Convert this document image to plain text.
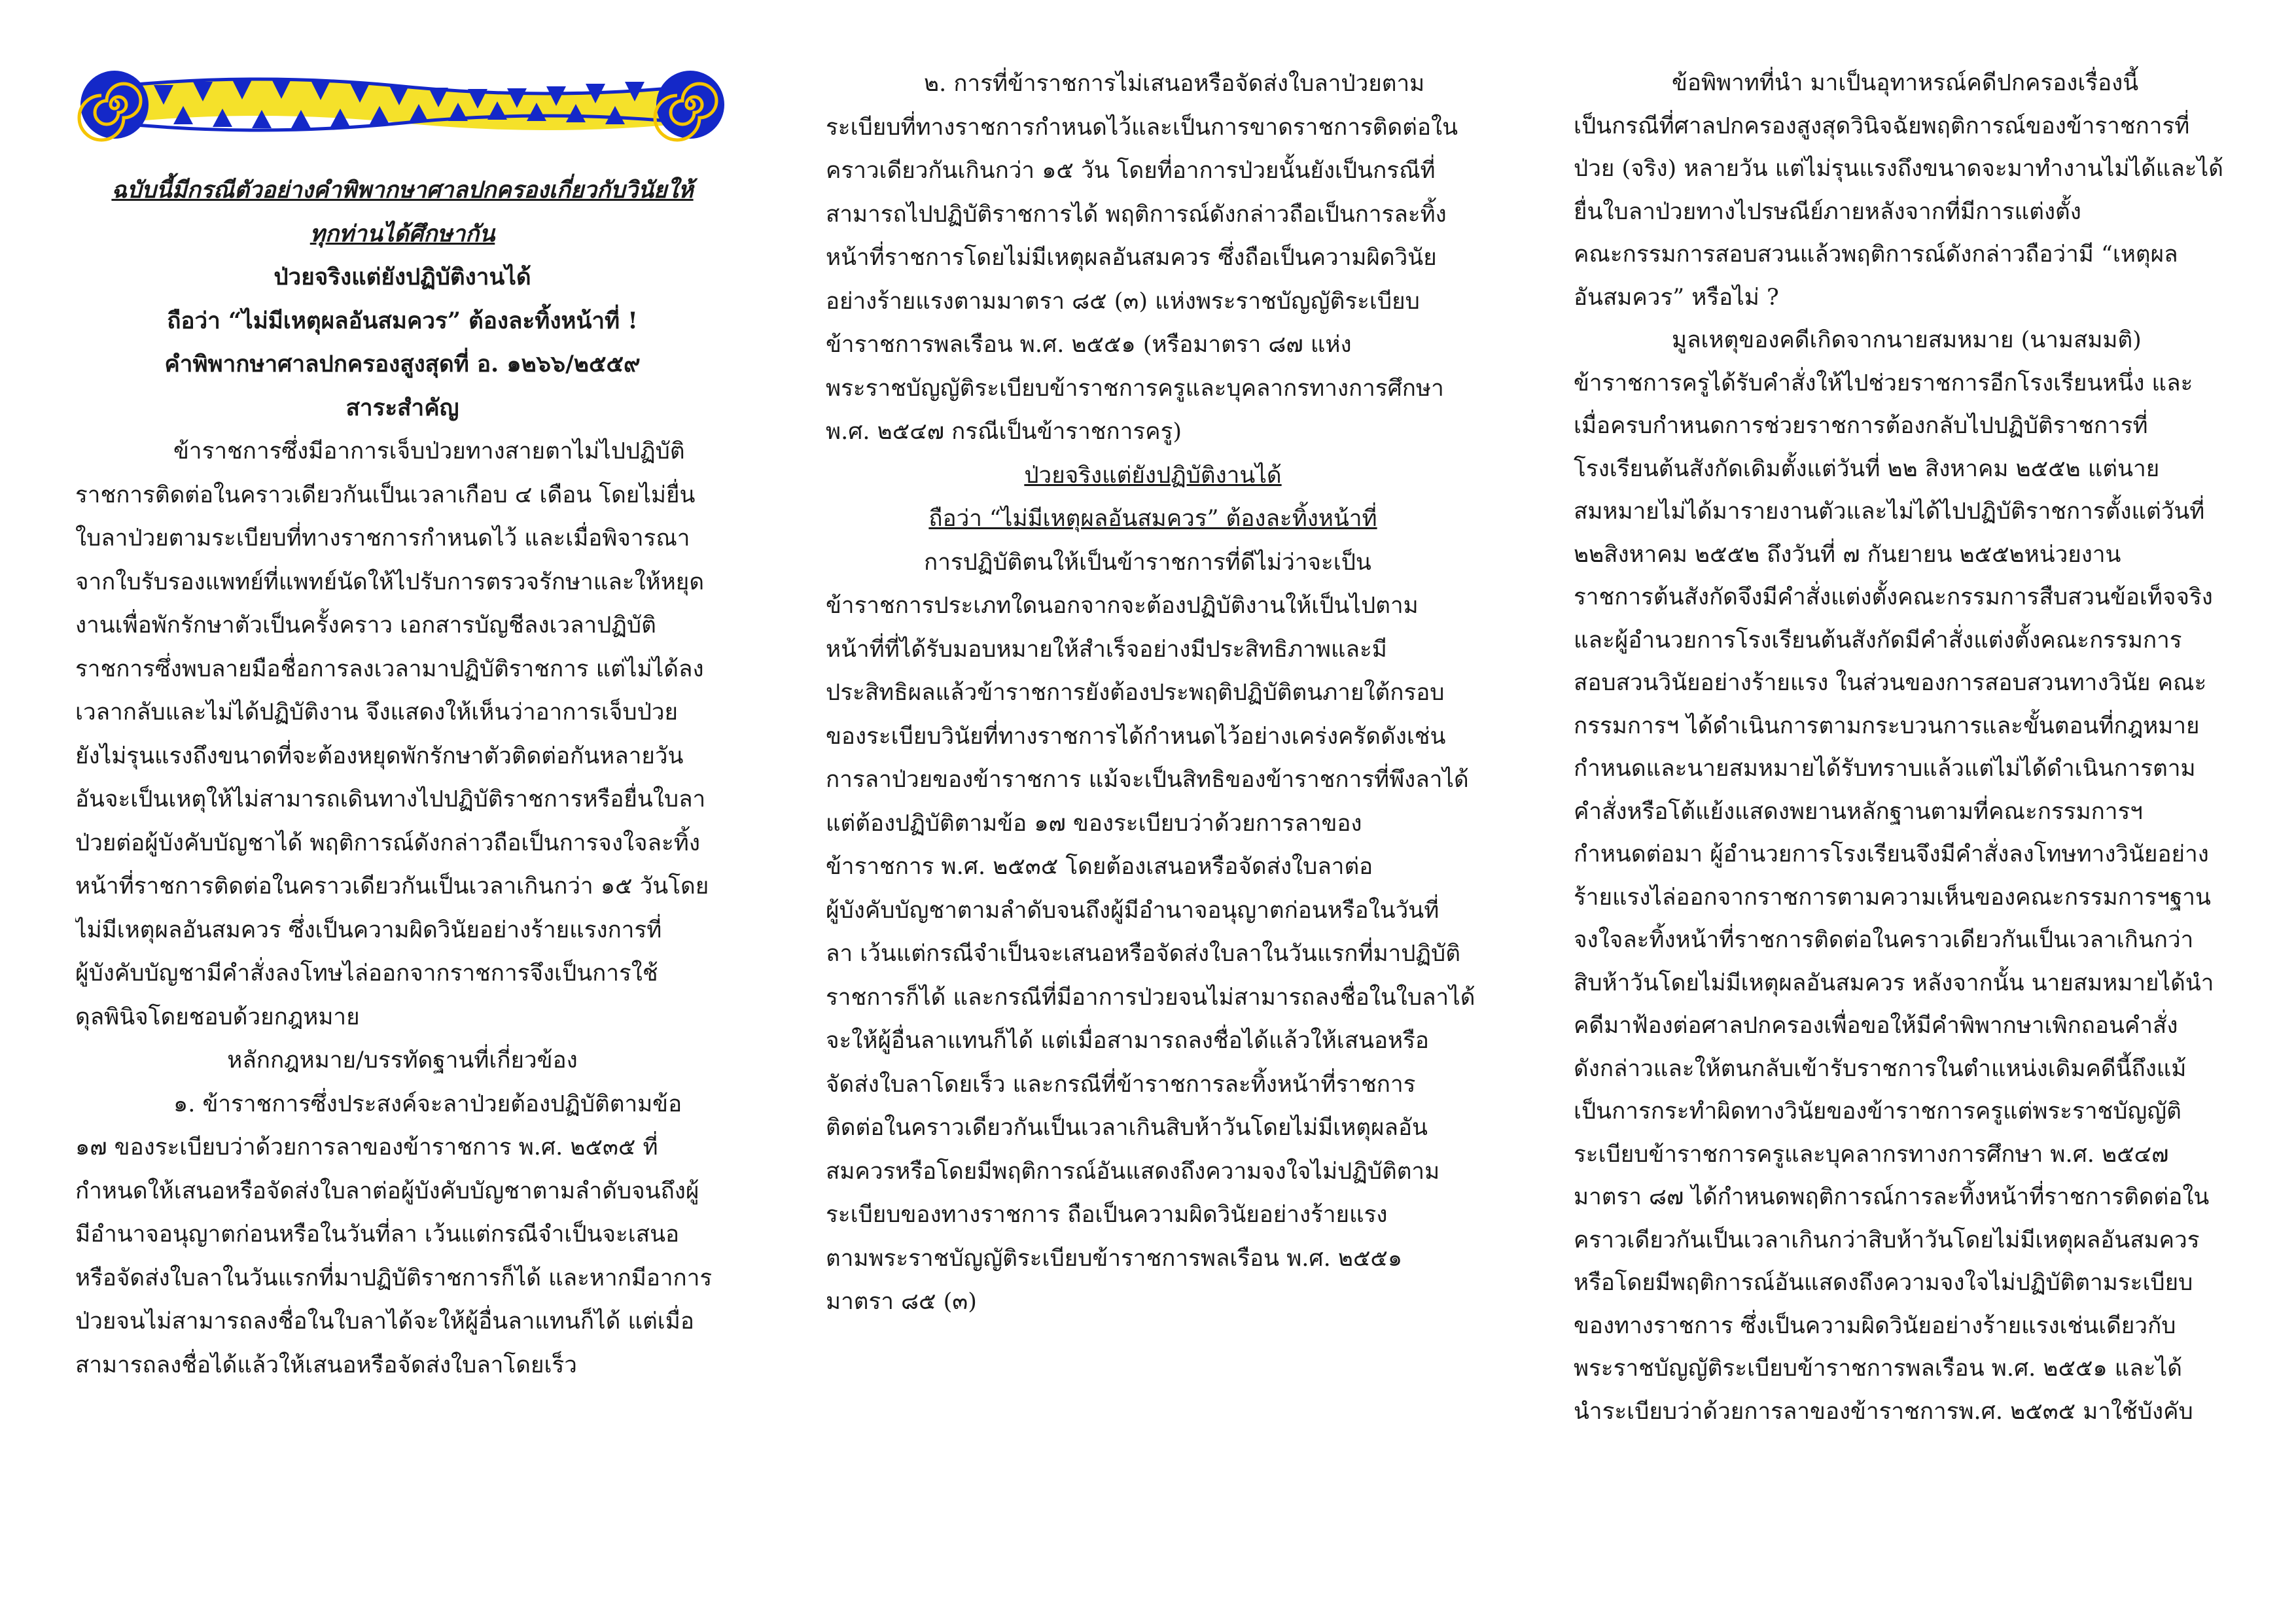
ฉบับนี้มีกรณีตัวอย่างคำพิพากษาศาลปกครองเกี่ยวกับวินัยให้
ทุกท่านได้ศึกษากัน
ป่วยจริงแต่ยังปฏิบัติงานได้
ถือว่า “ไม่มีเหตุผลอันสมควร” ต้องละทิ้งหน้าที่ !
คำพิพากษาศาลปกครองสูงสุดที่ อ. ๑๒๖๖/๒๕๕๙
สาระสำคัญ
ข้าราชการซึ่งมีอาการเจ็บป่วยทางสายตาไม่ไปปฏิบัติ
ราชการติดต่อในคราวเดียวกันเป็นเวลาเกือบ ๔ เดือน โดยไม่ยื่น
ใบลาป่วยตามระเบียบที่ทางราชการกำหนดไว้ และเมื่อพิจารณา
จากใบรับรองแพทย์ที่แพทย์นัดให้ไปรับการตรวจรักษาและให้หยุด
งานเพื่อพักรักษาตัวเป็นครั้งคราว เอกสารบัญชีลงเวลาปฏิบัติ
ราชการซึ่งพบลายมือชื่อการลงเวลามาปฏิบัติราชการ แต่ไม่ได้ลง
เวลากลับและไม่ได้ปฏิบัติงาน จึงแสดงให้เห็นว่าอาการเจ็บป่วย
ยังไม่รุนแรงถึงขนาดที่จะต้องหยุดพักรักษาตัวติดต่อกันหลายวัน
อันจะเป็นเหตุให้ไม่สามารถเดินทางไปปฏิบัติราชการหรือยื่นใบลา
ป่วยต่อผู้บังคับบัญชาได้ พฤติการณ์ดังกล่าวถือเป็นการจงใจละทิ้ง
หน้าที่ราชการติดต่อในคราวเดียวกันเป็นเวลาเกินกว่า ๑๕ วันโดย
ไม่มีเหตุผลอันสมควร ซึ่งเป็นความผิดวินัยอย่างร้ายแรงการที่
ผู้บังคับบัญชามีคำสั่งลงโทษไล่ออกจากราชการจึงเป็นการใช้
ดุลพินิจโดยชอบด้วยกฎหมาย
หลักกฎหมาย/บรรทัดฐานที่เกี่ยวข้อง
๑. ข้าราชการซึ่งประสงค์จะลาป่วยต้องปฏิบัติตามข้อ
๑๗ ของระเบียบว่าด้วยการลาของข้าราชการ พ.ศ. ๒๕๓๕ ที่
กำหนดให้เสนอหรือจัดส่งใบลาต่อผู้บังคับบัญชาตามลำดับจนถึงผู้
มีอำนาจอนุญาตก่อนหรือในวันที่ลา เว้นแต่กรณีจำเป็นจะเสนอ
หรือจัดส่งใบลาในวันแรกที่มาปฏิบัติราชการก็ได้ และหากมีอาการ
ป่วยจนไม่สามารถลงชื่อในใบลาได้จะให้ผู้อื่นลาแทนก็ได้ แต่เมื่อ
สามารถลงชื่อได้แล้วให้เสนอหรือจัดส่งใบลาโดยเร็ว
๒. การที่ข้าราชการไม่เสนอหรือจัดส่งใบลาป่วยตาม
ระเบียบที่ทางราชการกำหนดไว้และเป็นการขาดราชการติดต่อใน
คราวเดียวกันเกินกว่า ๑๕ วัน โดยที่อาการป่วยนั้นยังเป็นกรณีที่
สามารถไปปฏิบัติราชการได้ พฤติการณ์ดังกล่าวถือเป็นการละทิ้ง
หน้าที่ราชการโดยไม่มีเหตุผลอันสมควร ซึ่งถือเป็นความผิดวินัย
อย่างร้ายแรงตามมาตรา ๘๕ (๓) แห่งพระราชบัญญัติระเบียบ
ข้าราชการพลเรือน พ.ศ. ๒๕๕๑ (หรือมาตรา ๘๗ แห่ง
พระราชบัญญัติระเบียบข้าราชการครูและบุคลากรทางการศึกษา
พ.ศ. ๒๕๔๗ กรณีเป็นข้าราชการครู)
ป่วยจริงแต่ยังปฏิบัติงานได้
ถือว่า “ไม่มีเหตุผลอันสมควร” ต้องละทิ้งหน้าที่
การปฏิบัติตนให้เป็นข้าราชการที่ดีไม่ว่าจะเป็น
ข้าราชการประเภทใดนอกจากจะต้องปฏิบัติงานให้เป็นไปตาม
หน้าที่ที่ได้รับมอบหมายให้สำเร็จอย่างมีประสิทธิภาพและมี
ประสิทธิผลแล้วข้าราชการยังต้องประพฤติปฏิบัติตนภายใต้กรอบ
ของระเบียบวินัยที่ทางราชการได้กำหนดไว้อย่างเคร่งครัดดังเช่น
การลาป่วยของข้าราชการ แม้จะเป็นสิทธิของข้าราชการที่พึงลาได้
แต่ต้องปฏิบัติตามข้อ ๑๗ ของระเบียบว่าด้วยการลาของ
ข้าราชการ พ.ศ. ๒๕๓๕ โดยต้องเสนอหรือจัดส่งใบลาต่อ
ผู้บังคับบัญชาตามลำดับจนถึงผู้มีอำนาจอนุญาตก่อนหรือในวันที่
ลา เว้นแต่กรณีจำเป็นจะเสนอหรือจัดส่งใบลาในวันแรกที่มาปฏิบัติ
ราชการก็ได้ และกรณีที่มีอาการป่วยจนไม่สามารถลงชื่อในใบลาได้
จะให้ผู้อื่นลาแทนก็ได้ แต่เมื่อสามารถลงชื่อได้แล้วให้เสนอหรือ
จัดส่งใบลาโดยเร็ว และกรณีที่ข้าราชการละทิ้งหน้าที่ราชการ
ติดต่อในคราวเดียวกันเป็นเวลาเกินสิบห้าวันโดยไม่มีเหตุผลอัน
สมควรหรือโดยมีพฤติการณ์อันแสดงถึงความจงใจไม่ปฏิบัติตาม
ระเบียบของทางราชการ ถือเป็นความผิดวินัยอย่างร้ายแรง
ตามพระราชบัญญัติระเบียบข้าราชการพลเรือน พ.ศ. ๒๕๕๑
มาตรา ๘๕ (๓)
ข้อพิพาทที่นำ มาเป็นอุทาหรณ์คดีปกครองเรื่องนี้
เป็นกรณีที่ศาลปกครองสูงสุดวินิจฉัยพฤติการณ์ของข้าราชการที่
ป่วย (จริง) หลายวัน แต่ไม่รุนแรงถึงขนาดจะมาทำงานไม่ได้และได้
ยื่นใบลาป่วยทางไปรษณีย์ภายหลังจากที่มีการแต่งตั้ง
คณะกรรมการสอบสวนแล้วพฤติการณ์ดังกล่าวถือว่ามี “เหตุผล
อันสมควร” หรือไม่ ?
มูลเหตุของคดีเกิดจากนายสมหมาย (นามสมมติ)
ข้าราชการครูได้รับคำสั่งให้ไปช่วยราชการอีกโรงเรียนหนึ่ง และ
เมื่อครบกำหนดการช่วยราชการต้องกลับไปปฏิบัติราชการที่
โรงเรียนต้นสังกัดเดิมตั้งแต่วันที่ ๒๒ สิงหาคม ๒๕๕๒ แต่นาย
สมหมายไม่ได้มารายงานตัวและไม่ได้ไปปฏิบัติราชการตั้งแต่วันที่
๒๒สิงหาคม ๒๕๕๒ ถึงวันที่ ๗ กันยายน ๒๕๕๒หน่วยงาน
ราชการต้นสังกัดจึงมีคำสั่งแต่งตั้งคณะกรรมการสืบสวนข้อเท็จจริง
และผู้อำนวยการโรงเรียนต้นสังกัดมีคำสั่งแต่งตั้งคณะกรรมการ
สอบสวนวินัยอย่างร้ายแรง ในส่วนของการสอบสวนทางวินัย คณะ
กรรมการฯ ได้ดำเนินการตามกระบวนการและขั้นตอนที่กฎหมาย
กำหนดและนายสมหมายได้รับทราบแล้วแต่ไม่ได้ดำเนินการตาม
คำสั่งหรือโต้แย้งแสดงพยานหลักฐานตามที่คณะกรรมการฯ
กำหนดต่อมา ผู้อำนวยการโรงเรียนจึงมีคำสั่งลงโทษทางวินัยอย่าง
ร้ายแรงไล่ออกจากราชการตามความเห็นของคณะกรรมการฯฐาน
จงใจละทิ้งหน้าที่ราชการติดต่อในคราวเดียวกันเป็นเวลาเกินกว่า
สิบห้าวันโดยไม่มีเหตุผลอันสมควร หลังจากนั้น นายสมหมายได้นำ
คดีมาฟ้องต่อศาลปกครองเพื่อขอให้มีคำพิพากษาเพิกถอนคำสั่ง
ดังกล่าวและให้ตนกลับเข้ารับราชการในตำแหน่งเดิมคดีนี้ถึงแม้
เป็นการกระทำผิดทางวินัยของข้าราชการครูแต่พระราชบัญญัติ
ระเบียบข้าราชการครูและบุคลากรทางการศึกษา พ.ศ. ๒๕๔๗
มาตรา ๘๗ ได้กำหนดพฤติการณ์การละทิ้งหน้าที่ราชการติดต่อใน
คราวเดียวกันเป็นเวลาเกินกว่าสิบห้าวันโดยไม่มีเหตุผลอันสมควร
หรือโดยมีพฤติการณ์อันแสดงถึงความจงใจไม่ปฏิบัติตามระเบียบ
ของทางราชการ ซึ่งเป็นความผิดวินัยอย่างร้ายแรงเช่นเดียวกับ
พระราชบัญญัติระเบียบข้าราชการพลเรือน พ.ศ. ๒๕๕๑ และได้
นำระเบียบว่าด้วยการลาของข้าราชการพ.ศ. ๒๕๓๕ มาใช้บังคับ
